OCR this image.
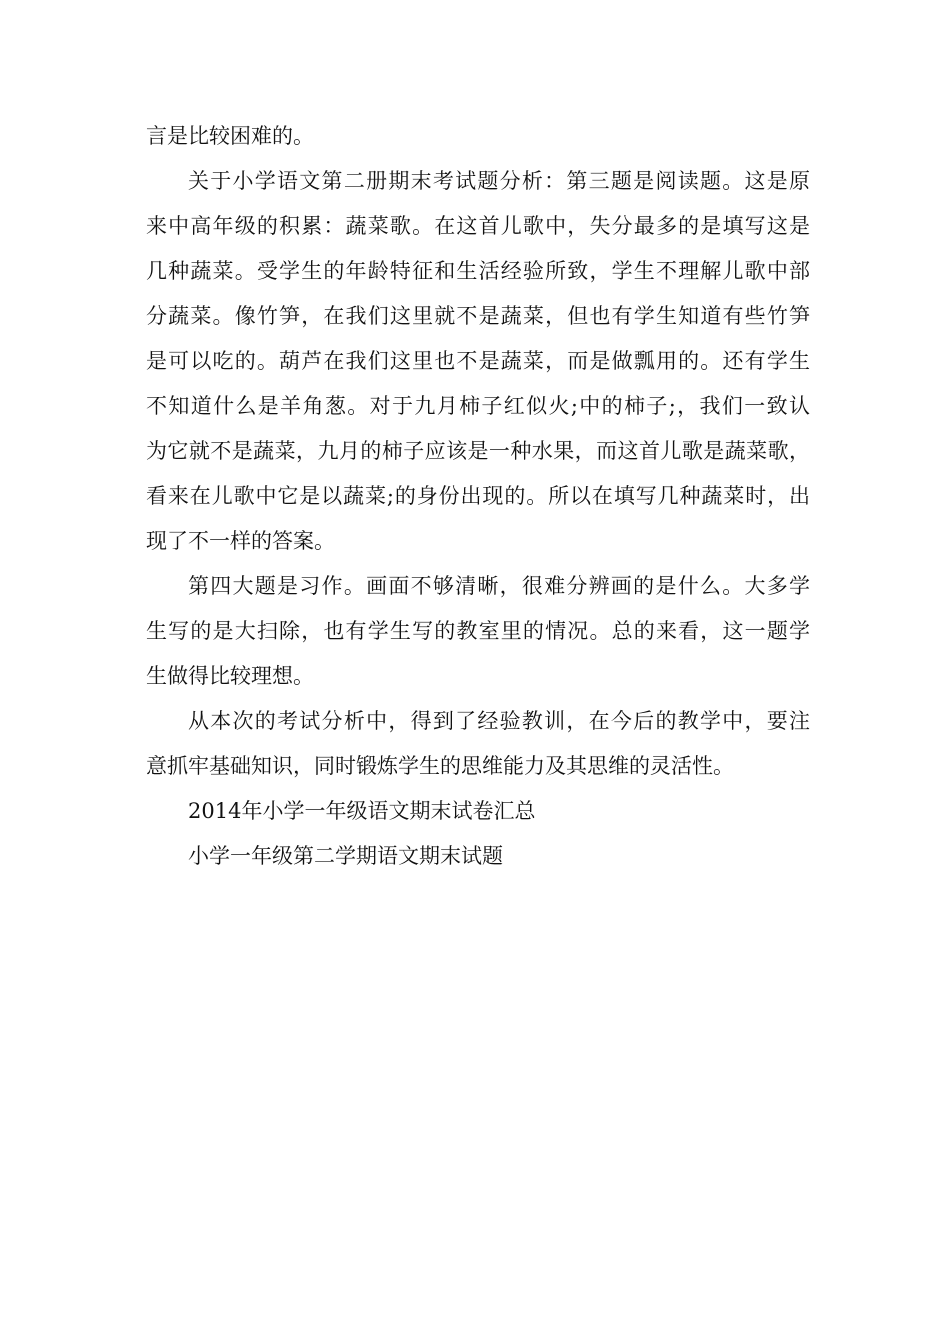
言是比较困难的。
关于小学语文第二册期末考试题分析：第三题是阅读题。这是原
来中高年级的积累：蔬菜歌。在这首儿歌中，失分最多的是填写这是
几种蔬菜。受学生的年龄特征和生活经验所致，学生不理解儿歌中部
分蔬菜。像竹笋，在我们这里就不是蔬菜，但也有学生知道有些竹笋
是可以吃的。葫芦在我们这里也不是蔬菜，而是做瓢用的。还有学生
不知道什么是羊角葱。对于九月柿子红似火;中的柿子;，我们一致认
为它就不是蔬菜，九月的柿子应该是一种水果，而这首儿歌是蔬菜歌，
看来在儿歌中它是以蔬菜;的身份出现的。所以在填写几种蔬菜时，出
现了不一样的答案。
第四大题是习作。画面不够清晰，很难分辨画的是什么。大多学
生写的是大扫除，也有学生写的教室里的情况。总的来看，这一题学
生做得比较理想。
从本次的考试分析中，得到了经验教训，在今后的教学中，要注
意抓牢基础知识，同时锻炼学生的思维能力及其思维的灵活性。
2014年小学一年级语文期末试卷汇总
小学一年级第二学期语文期末试题
